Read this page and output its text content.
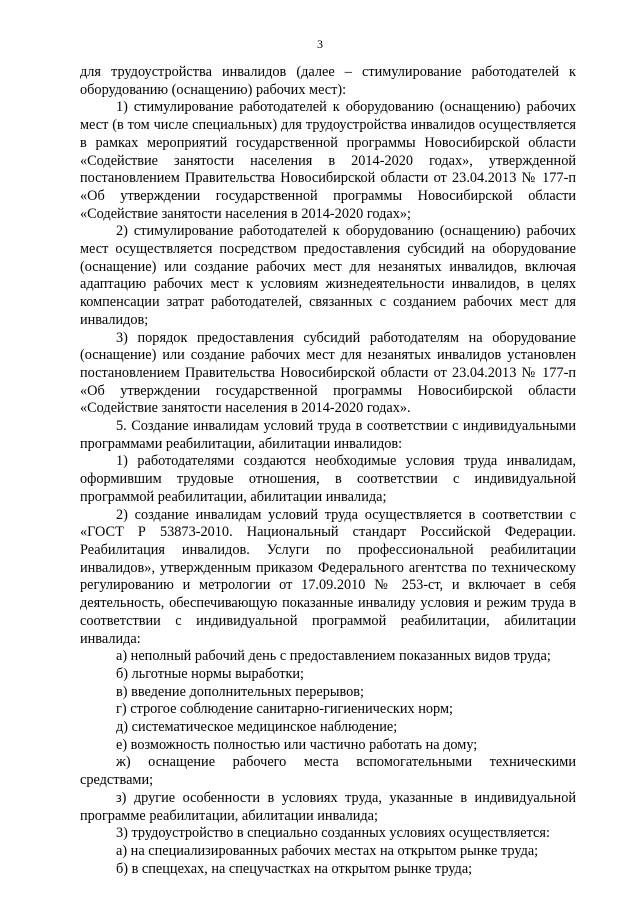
3

для трудоустройства инвалидов (далее – стимулирование работодателей к оборудованию (оснащению) рабочих мест):

1) стимулирование работодателей к оборудованию (оснащению) рабочих мест (в том числе специальных) для трудоустройства инвалидов осуществляется в рамках мероприятий государственной программы Новосибирской области «Содействие занятости населения в 2014-2020 годах», утвержденной постановлением Правительства Новосибирской области от 23.04.2013 № 177-п «Об утверждении государственной программы Новосибирской области «Содействие занятости населения в 2014-2020 годах»;

2) стимулирование работодателей к оборудованию (оснащению) рабочих мест осуществляется посредством предоставления субсидий на оборудование (оснащение) или создание рабочих мест для незанятых инвалидов, включая адаптацию рабочих мест к условиям жизнедеятельности инвалидов, в целях компенсации затрат работодателей, связанных с созданием рабочих мест для инвалидов;

3) порядок предоставления субсидий работодателям на оборудование (оснащение) или создание рабочих мест для незанятых инвалидов установлен постановлением Правительства Новосибирской области от 23.04.2013 № 177-п «Об утверждении государственной программы Новосибирской области «Содействие занятости населения в 2014-2020 годах».

5. Создание инвалидам условий труда в соответствии с индивидуальными программами реабилитации, абилитации инвалидов:

1) работодателями создаются необходимые условия труда инвалидам, оформившим трудовые отношения, в соответствии с индивидуальной программой реабилитации, абилитации инвалида;

2) создание инвалидам условий труда осуществляется в соответствии с «ГОСТ Р 53873-2010. Национальный стандарт Российской Федерации. Реабилитация инвалидов. Услуги по профессиональной реабилитации инвалидов», утвержденным приказом Федерального агентства по техническому регулированию и метрологии от 17.09.2010 № 253-ст, и включает в себя деятельность, обеспечивающую показанные инвалиду условия и режим труда в соответствии с индивидуальной программой реабилитации, абилитации инвалида:

а) неполный рабочий день с предоставлением показанных видов труда;

б) льготные нормы выработки;

в) введение дополнительных перерывов;

г) строгое соблюдение санитарно-гигиенических норм;

д) систематическое медицинское наблюдение;

е) возможность полностью или частично работать на дому;

ж) оснащение рабочего места вспомогательными техническими средствами;

з) другие особенности в условиях труда, указанные в индивидуальной программе реабилитации, абилитации инвалида;

3) трудоустройство в специально созданных условиях осуществляется:

а) на специализированных рабочих местах на открытом рынке труда;

б) в спеццехах, на спецучастках на открытом рынке труда;
